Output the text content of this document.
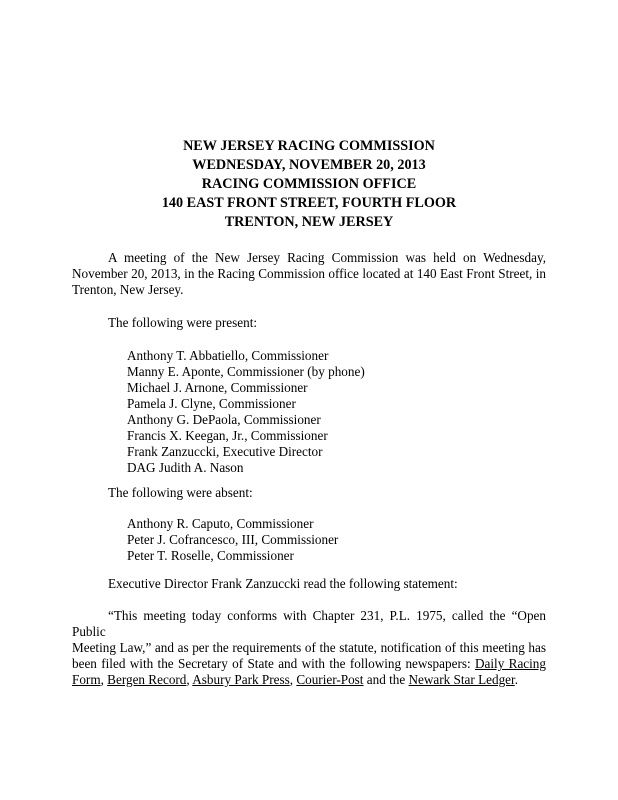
NEW JERSEY RACING COMMISSION
WEDNESDAY, NOVEMBER 20, 2013
RACING COMMISSION OFFICE
140 EAST FRONT STREET, FOURTH FLOOR
TRENTON, NEW JERSEY
A meeting of the New Jersey Racing Commission was held on Wednesday,
November 20, 2013, in the Racing Commission office located at 140 East Front Street, in
Trenton, New Jersey.
The following were present:
Anthony T. Abbatiello, Commissioner
Manny E. Aponte, Commissioner (by phone)
Michael J. Arnone, Commissioner
Pamela J. Clyne, Commissioner
Anthony G. DePaola, Commissioner
Francis X. Keegan, Jr., Commissioner
Frank Zanzuccki, Executive Director
DAG Judith A. Nason
The following were absent:
Anthony R. Caputo, Commissioner
Peter J. Cofrancesco, III, Commissioner
Peter T. Roselle, Commissioner
Executive Director Frank Zanzuccki read the following statement:
“This meeting today conforms with Chapter 231, P.L. 1975, called the “Open Public
Meeting Law,” and as per the requirements of the statute, notification of this meeting has
been filed with the Secretary of State and with the following newspapers: Daily Racing
Form, Bergen Record, Asbury Park Press, Courier-Post and the Newark Star Ledger.
